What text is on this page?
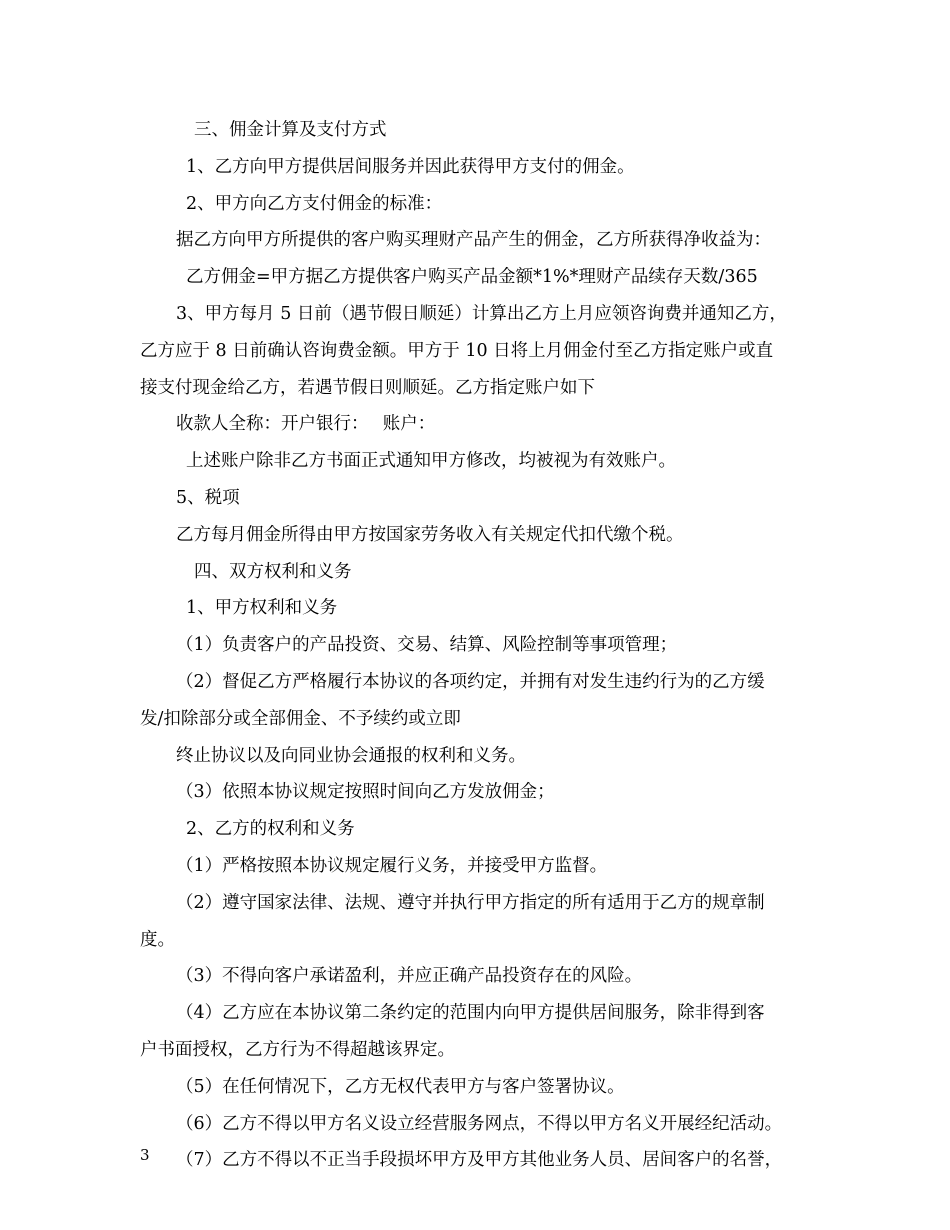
三、佣金计算及支付方式
1、乙方向甲方提供居间服务并因此获得甲方支付的佣金。
2、甲方向乙方支付佣金的标准：
据乙方向甲方所提供的客户购买理财产品产生的佣金，乙方所获得净收益为：
乙方佣金=甲方据乙方提供客户购买产品金额*1%*理财产品续存天数/365
3、甲方每月 5 日前（遇节假日顺延）计算出乙方上月应领咨询费并通知乙方，
乙方应于 8 日前确认咨询费金额。甲方于 10 日将上月佣金付至乙方指定账户或直
接支付现金给乙方，若遇节假日则顺延。乙方指定账户如下
收款人全称：开户银行：　 账户：
上述账户除非乙方书面正式通知甲方修改，均被视为有效账户。
5、税项
乙方每月佣金所得由甲方按国家劳务收入有关规定代扣代缴个税。
四、双方权利和义务
1、甲方权利和义务
（1）负责客户的产品投资、交易、结算、风险控制等事项管理；
（2）督促乙方严格履行本协议的各项约定，并拥有对发生违约行为的乙方缓
发/扣除部分或全部佣金、不予续约或立即
终止协议以及向同业协会通报的权利和义务。
（3）依照本协议规定按照时间向乙方发放佣金；
2、乙方的权利和义务
（1）严格按照本协议规定履行义务，并接受甲方监督。
（2）遵守国家法律、法规、遵守并执行甲方指定的所有适用于乙方的规章制
度。
（3）不得向客户承诺盈利，并应正确产品投资存在的风险。
（4）乙方应在本协议第二条约定的范围内向甲方提供居间服务，除非得到客
户书面授权，乙方行为不得超越该界定。
（5）在任何情况下，乙方无权代表甲方与客户签署协议。
（6）乙方不得以甲方名义设立经营服务网点，不得以甲方名义开展经纪活动。
（7）乙方不得以不正当手段损坏甲方及甲方其他业务人员、居间客户的名誉，
3
